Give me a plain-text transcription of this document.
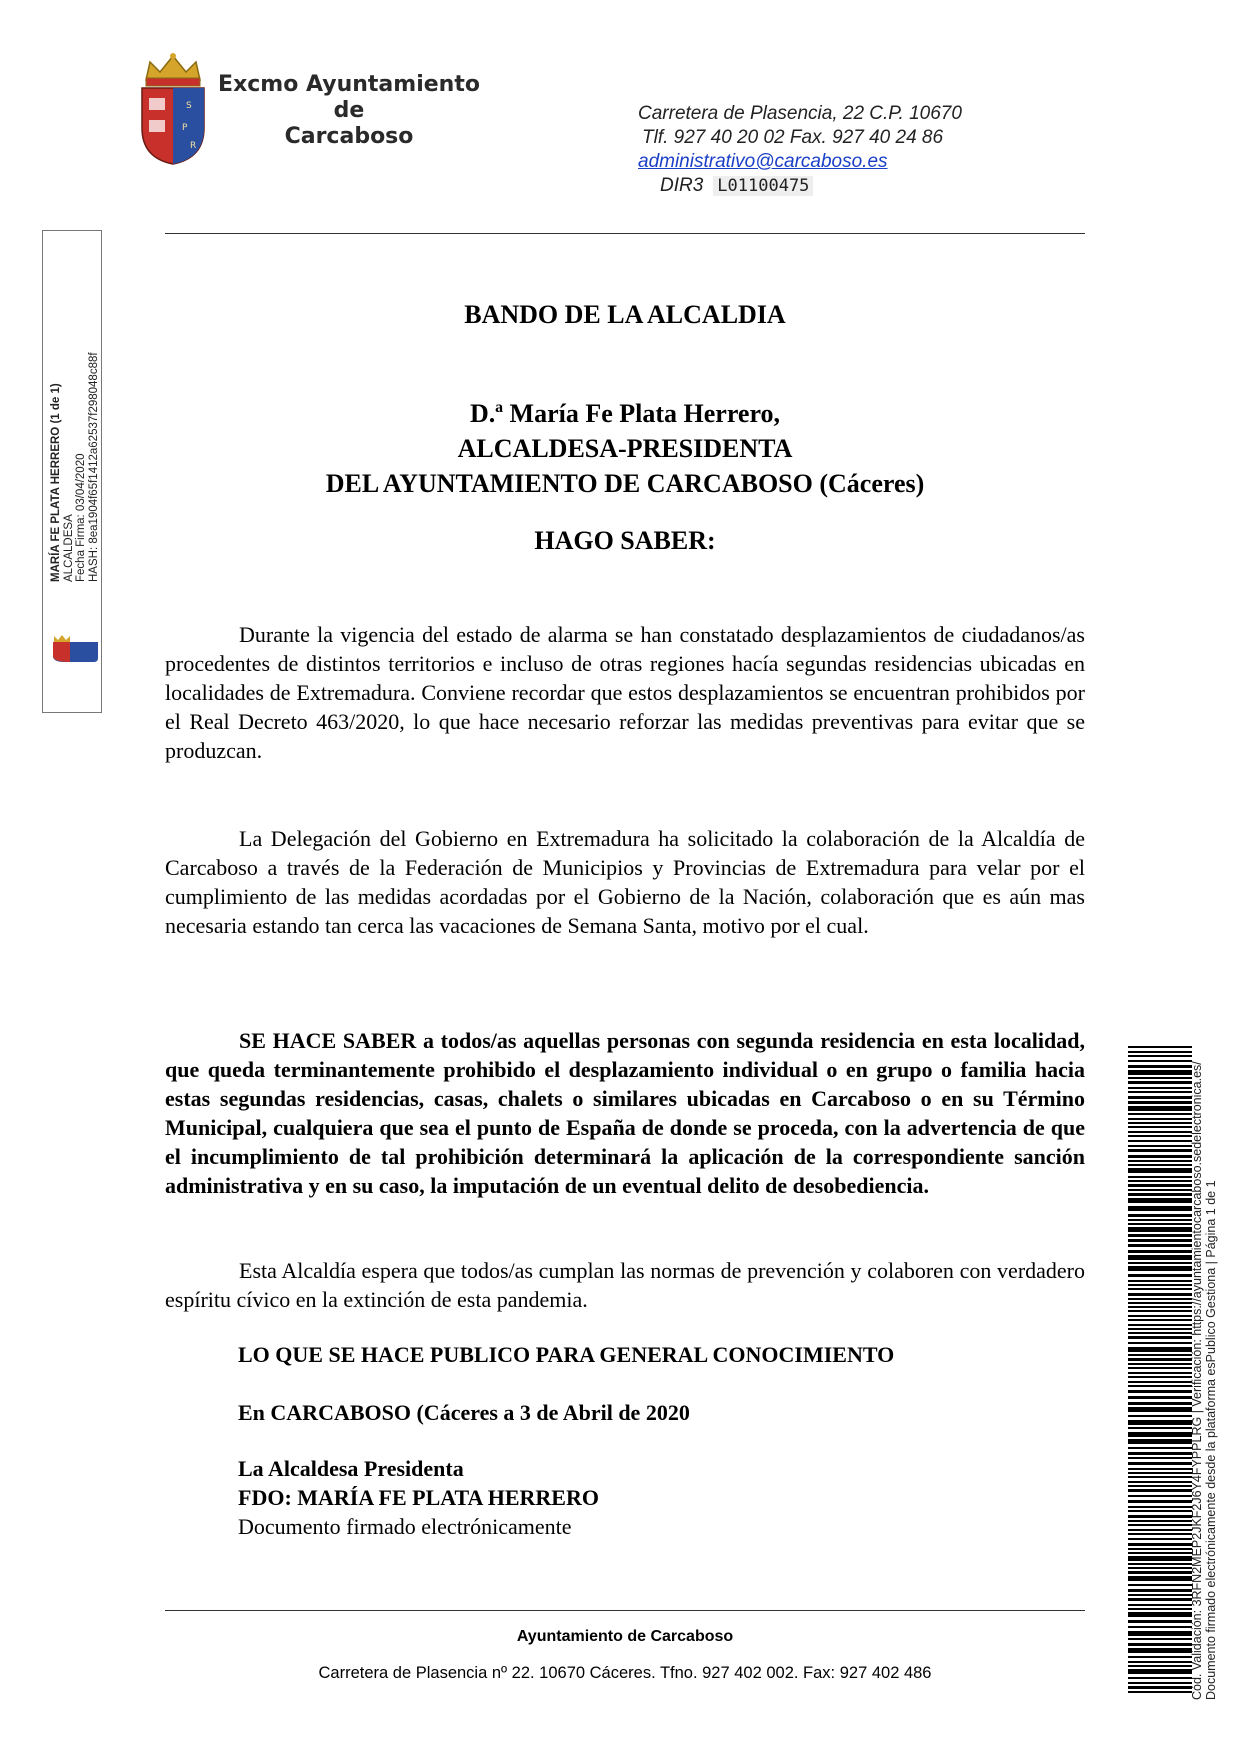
S
P
R
Excmo Ayuntamiento
de
Carcaboso
Carretera de Plasencia, 22 C.P. 10670
Tlf. 927 40 20 02 Fax. 927 40 24 86
administrativo@carcaboso.es
DIR3 L01100475
MARÍA FE PLATA HERRERO (1 de 1) ALCALDESA Fecha Firma: 03/04/2020 HASH: 8ea1904f65f1412a62537f298048c88f
BANDO DE LA ALCALDIA
D.ª María Fe Plata Herrero,
ALCALDESA-PRESIDENTA
DEL AYUNTAMIENTO DE CARCABOSO (Cáceres)
HAGO SABER:
Durante la vigencia del estado de alarma se han constatado desplazamientos de ciudadanos/as procedentes de distintos territorios e incluso de otras regiones hacía segundas residencias ubicadas en localidades de Extremadura. Conviene recordar que estos desplazamientos se encuentran prohibidos por el Real Decreto 463/2020, lo que hace necesario reforzar las medidas preventivas para evitar que se produzcan.
La Delegación del Gobierno en Extremadura ha solicitado la colaboración de la Alcaldía de Carcaboso a través de la Federación de Municipios y Provincias de Extremadura para velar por el cumplimiento de las medidas acordadas por el Gobierno de la Nación, colaboración que es aún mas necesaria estando tan cerca las vacaciones de Semana Santa, motivo por el cual.
SE HACE SABER a todos/as aquellas personas con segunda residencia en esta localidad, que queda terminantemente prohibido el desplazamiento individual o en grupo o familia hacia estas segundas residencias, casas, chalets o similares ubicadas en Carcaboso o en su Término Municipal, cualquiera que sea el punto de España de donde se proceda, con la advertencia de que el incumplimiento de tal prohibición determinará la aplicación de la correspondiente sanción administrativa y en su caso, la imputación de un eventual delito de desobediencia.
Esta Alcaldía espera que todos/as cumplan las normas de prevención y colaboren con verdadero espíritu cívico en la extinción de esta pandemia.
LO QUE SE HACE PUBLICO PARA GENERAL CONOCIMIENTO
En CARCABOSO (Cáceres a 3 de Abril de 2020
La Alcaldesa Presidenta
FDO: MARÍA FE PLATA HERRERO
Documento firmado electrónicamente
Ayuntamiento de Carcaboso
Carretera de Plasencia nº 22. 10670 Cáceres. Tfno. 927 402 002. Fax: 927 402 486	Cód. Validación: 3RFN2MEP2JKF2J6Y4FYPPLRG | Verificación: https://ayuntamientocarcaboso.sedelectronica.es/ Documento firmado electrónicamente desde la plataforma esPublico Gestiona | Página 1 de 1
